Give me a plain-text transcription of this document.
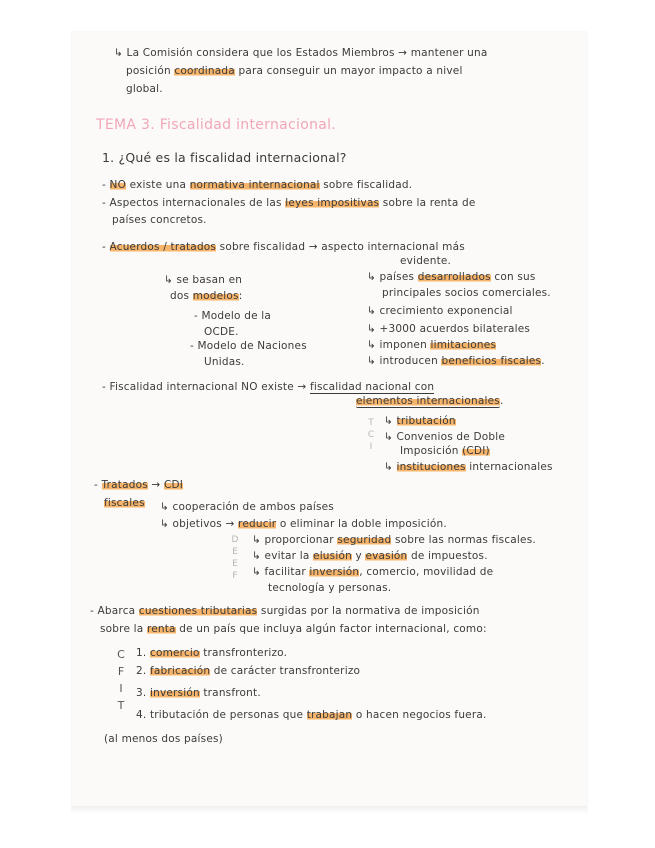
↳ La Comisión considera que los Estados Miembros → mantener una
posición coordinada para conseguir un mayor impacto a nivel
global.
TEMA 3. Fiscalidad internacional.
1. ¿Qué es la fiscalidad internacional?
- NO existe una normativa internacional sobre fiscalidad.
- Aspectos internacionales de las leyes impositivas sobre la renta de
países concretos.
- Acuerdos / tratados sobre fiscalidad → aspecto internacional más
evidente.
↳ se basan en
dos modelos:
- Modelo de la
OCDE.
- Modelo de Naciones
Unidas.
↳ países desarrollados con sus
principales socios comerciales.
↳ crecimiento exponencial
↳ +3000 acuerdos bilaterales
↳ imponen limitaciones
↳ introducen beneficios fiscales.
- Fiscalidad internacional NO existe → fiscalidad nacional con
elementos internacionales.
T
C
I
↳ tributación
↳ Convenios de Doble
Imposición (CDI)
↳ instituciones internacionales
- Tratados → CDI
fiscales ↳ cooperación de ambos países
↳ objetivos → reducir o eliminar la doble imposición.
D
E
E
F
↳ proporcionar seguridad sobre las normas fiscales.
↳ evitar la elusión y evasión de impuestos.
↳ facilitar inversión, comercio, movilidad de
tecnología y personas.
- Abarca cuestiones tributarias surgidas por la normativa de imposición
sobre la renta de un país que incluya algún factor internacional, como:
C
F
I
T
1. comercio transfronterizo.
2. fabricación de carácter transfronterizo
3. inversión transfront.
4. tributación de personas que trabajan o hacen negocios fuera.
(al menos dos países)
